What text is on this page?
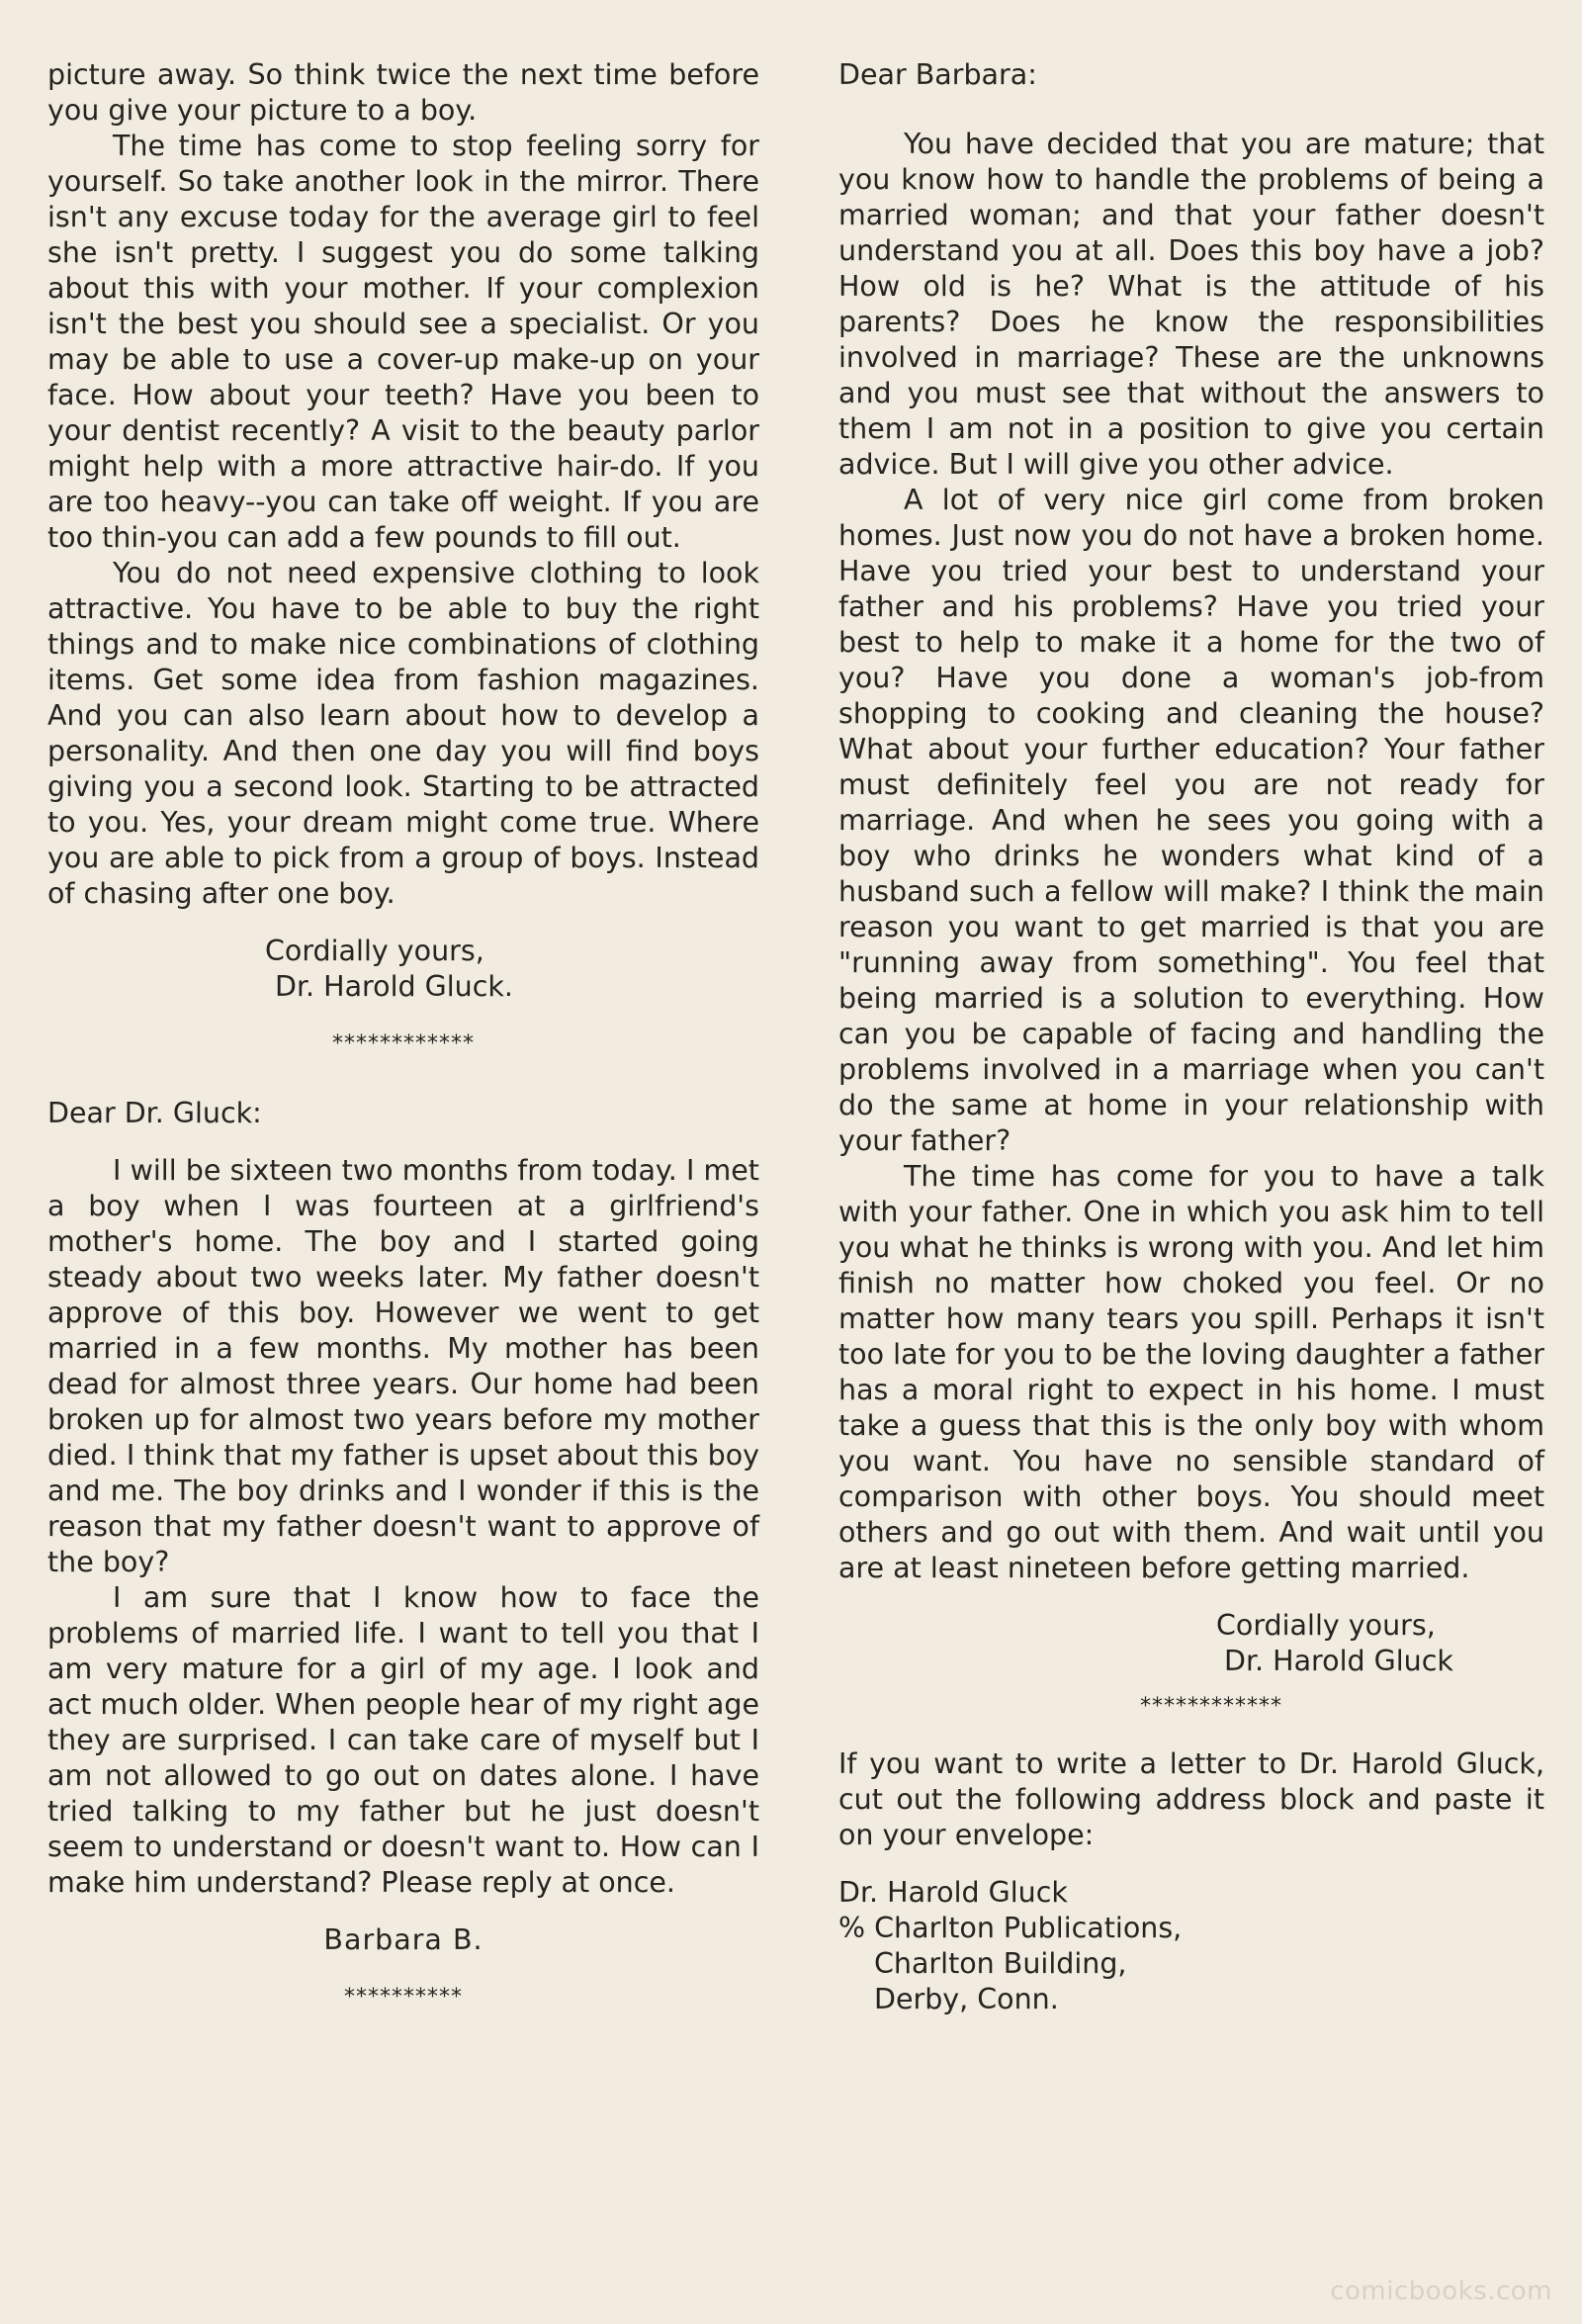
picture away. So think twice the next time before you give your picture to a boy.

The time has come to stop feeling sorry for yourself. So take another look in the mirror. There isn't any excuse today for the average girl to feel she isn't pretty. I suggest you do some talking about this with your mother. If your complexion isn't the best you should see a specialist. Or you may be able to use a cover-up make-up on your face. How about your teeth? Have you been to your dentist recently? A visit to the beauty parlor might help with a more attractive hair-do. If you are too heavy--you can take off weight. If you are too thin-you can add a few pounds to fill out.

You do not need expensive clothing to look attractive. You have to be able to buy the right things and to make nice combinations of clothing items. Get some idea from fashion magazines. And you can also learn about how to develop a personality. And then one day you will find boys giving you a second look. Starting to be attracted to you. Yes, your dream might come true. Where you are able to pick from a group of boys. Instead of chasing after one boy.

Cordially yours,

Dr. Harold Gluck.

************

Dear Dr. Gluck:

I will be sixteen two months from today. I met a boy when I was fourteen at a girlfriend's mother's home. The boy and I started going steady about two weeks later. My father doesn't approve of this boy. However we went to get married in a few months. My mother has been dead for almost three years. Our home had been broken up for almost two years before my mother died. I think that my father is upset about this boy and me. The boy drinks and I wonder if this is the reason that my father doesn't want to approve of the boy?

I am sure that I know how to face the problems of married life. I want to tell you that I am very mature for a girl of my age. I look and act much older. When people hear of my right age they are surprised. I can take care of myself but I am not allowed to go out on dates alone. I have tried talking to my father but he just doesn't seem to understand or doesn't want to. How can I make him understand? Please reply at once.

Barbara B.
**********

Dear Barbara:

You have decided that you are mature; that you know how to handle the problems of being a married woman; and that your father doesn't understand you at all. Does this boy have a job? How old is he? What is the attitude of his parents? Does he know the responsibilities involved in marriage? These are the unknowns and you must see that without the answers to them I am not in a position to give you certain advice. But I will give you other advice.

A lot of very nice girl come from broken homes. Just now you do not have a broken home. Have you tried your best to understand your father and his problems? Have you tried your best to help to make it a home for the two of you? Have you done a woman's job-from shopping to cooking and cleaning the house? What about your further education? Your father must definitely feel you are not ready for marriage. And when he sees you going with a boy who drinks he wonders what kind of a husband such a fellow will make? I think the main reason you want to get married is that you are "running away from something". You feel that being married is a solution to everything. How can you be capable of facing and handling the problems involved in a marriage when you can't do the same at home in your relationship with your father?

The time has come for you to have a talk with your father. One in which you ask him to tell you what he thinks is wrong with you. And let him finish no matter how choked you feel. Or no matter how many tears you spill. Perhaps it isn't too late for you to be the loving daughter a father has a moral right to expect in his home. I must take a guess that this is the only boy with whom you want. You have no sensible standard of comparison with other boys. You should meet others and go out with them. And wait until you are at least nineteen before getting married.

Cordially yours,

Dr. Harold Gluck

************

If you want to write a letter to Dr. Harold Gluck, cut out the following address block and paste it on your envelope:

Dr. Harold Gluck

% Charlton Publications,

Charlton Building,

Derby, Conn.

comicbooks.com
